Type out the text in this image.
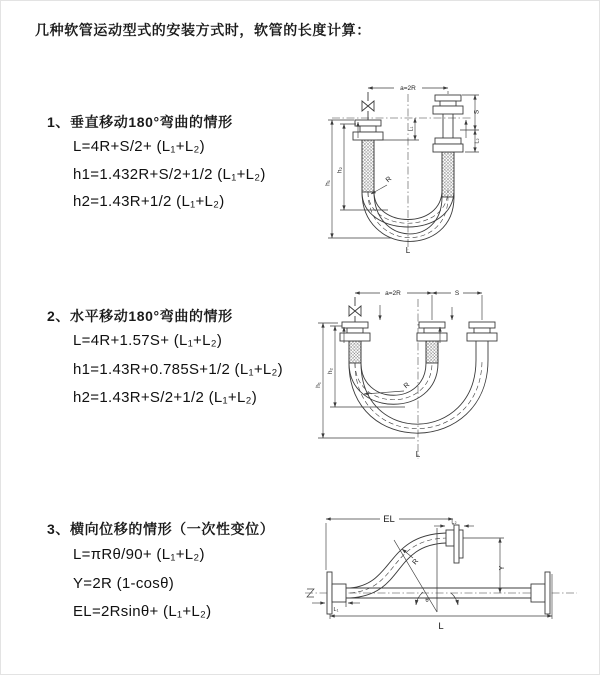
几种软管运动型式的安装方式时，软管的长度计算：
1、垂直移动180°弯曲的情形
L=4R+S/2+ (L₁+L₂)
h1=1.432R+S/2+1/2 (L₁+L₂)
h2=1.43R+1/2 (L₁+L₂)
2、水平移动180°弯曲的情形
L=4R+1.57S+ (L₁+L₂)
h1=1.43R+0.785S+1/2 (L₁+L₂)
h2=1.43R+S/2+1/2 (L₁+L₂)
3、横向位移的情形（一次性变位）
L=πRθ/90+ (L₁+L₂)
Y=2R (1-cosθ)
EL=2Rsinθ+ (L₁+L₂)
a=2R
h₁
h₂
L₁
S
L₂
R
L
a=2R	S
h₁
h₂
R
L
EL	L₂
Y
R
θ
L₁
L
